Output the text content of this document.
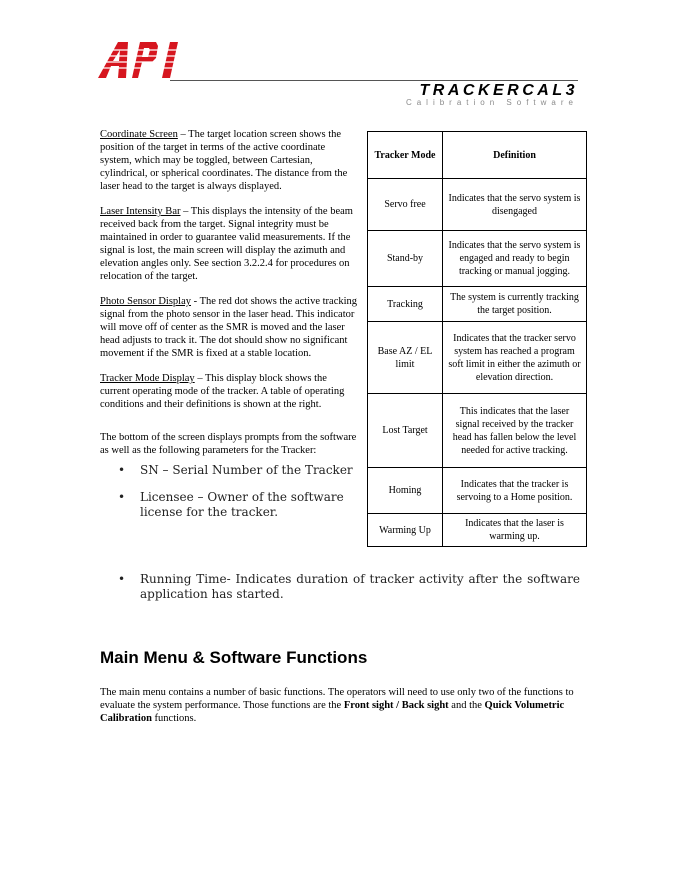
TRACKERCAL3
Calibration Software

Coordinate Screen – The target location screen shows the position of the target in terms of the active coordinate system, which may be toggled, between Cartesian, cylindrical, or spherical coordinates. The distance from the laser head to the target is always displayed.

Laser Intensity Bar – This displays the intensity of the beam received back from the target. Signal integrity must be maintained in order to guarantee valid measurements. If the signal is lost, the main screen will display the azimuth and elevation angles only. See section 3.2.2.4 for procedures on relocation of the target.

Photo Sensor Display - The red dot shows the active tracking signal from the photo sensor in the laser head. This indicator will move off of center as the SMR is moved and the laser head adjusts to track it. The dot should show no significant movement if the SMR is fixed at a stable location.

Tracker Mode Display – This display block shows the current operating mode of the tracker. A table of operating conditions and their definitions is shown at the right.

The bottom of the screen displays prompts from the software as well as the following parameters for the Tracker:

• SN – Serial Number of the Tracker
• Licensee – Owner of the software license for the tracker.
•	Running Time- Indicates duration of tracker activity after the software application has started.
Tracker Mode	Definition
Servo free	Indicates that the servo system is disengaged
Stand-by	Indicates that the servo system is engaged and ready to begin tracking or manual jogging.
Tracking	The system is currently tracking the target position.
Base AZ / EL limit	Indicates that the tracker servo system has reached a program soft limit in either the azimuth or elevation direction.
Lost Target	This indicates that the laser signal received by the tracker head has fallen below the level needed for active tracking.
Homing	Indicates that the tracker is servoing to a Home position.
Warming Up	Indicates that the laser is warming up.
Main Menu & Software Functions

The main menu contains a number of basic functions. The operators will need to use only two of the functions to evaluate the system performance. Those functions are the Front sight / Back sight and the Quick Volumetric Calibration functions.
